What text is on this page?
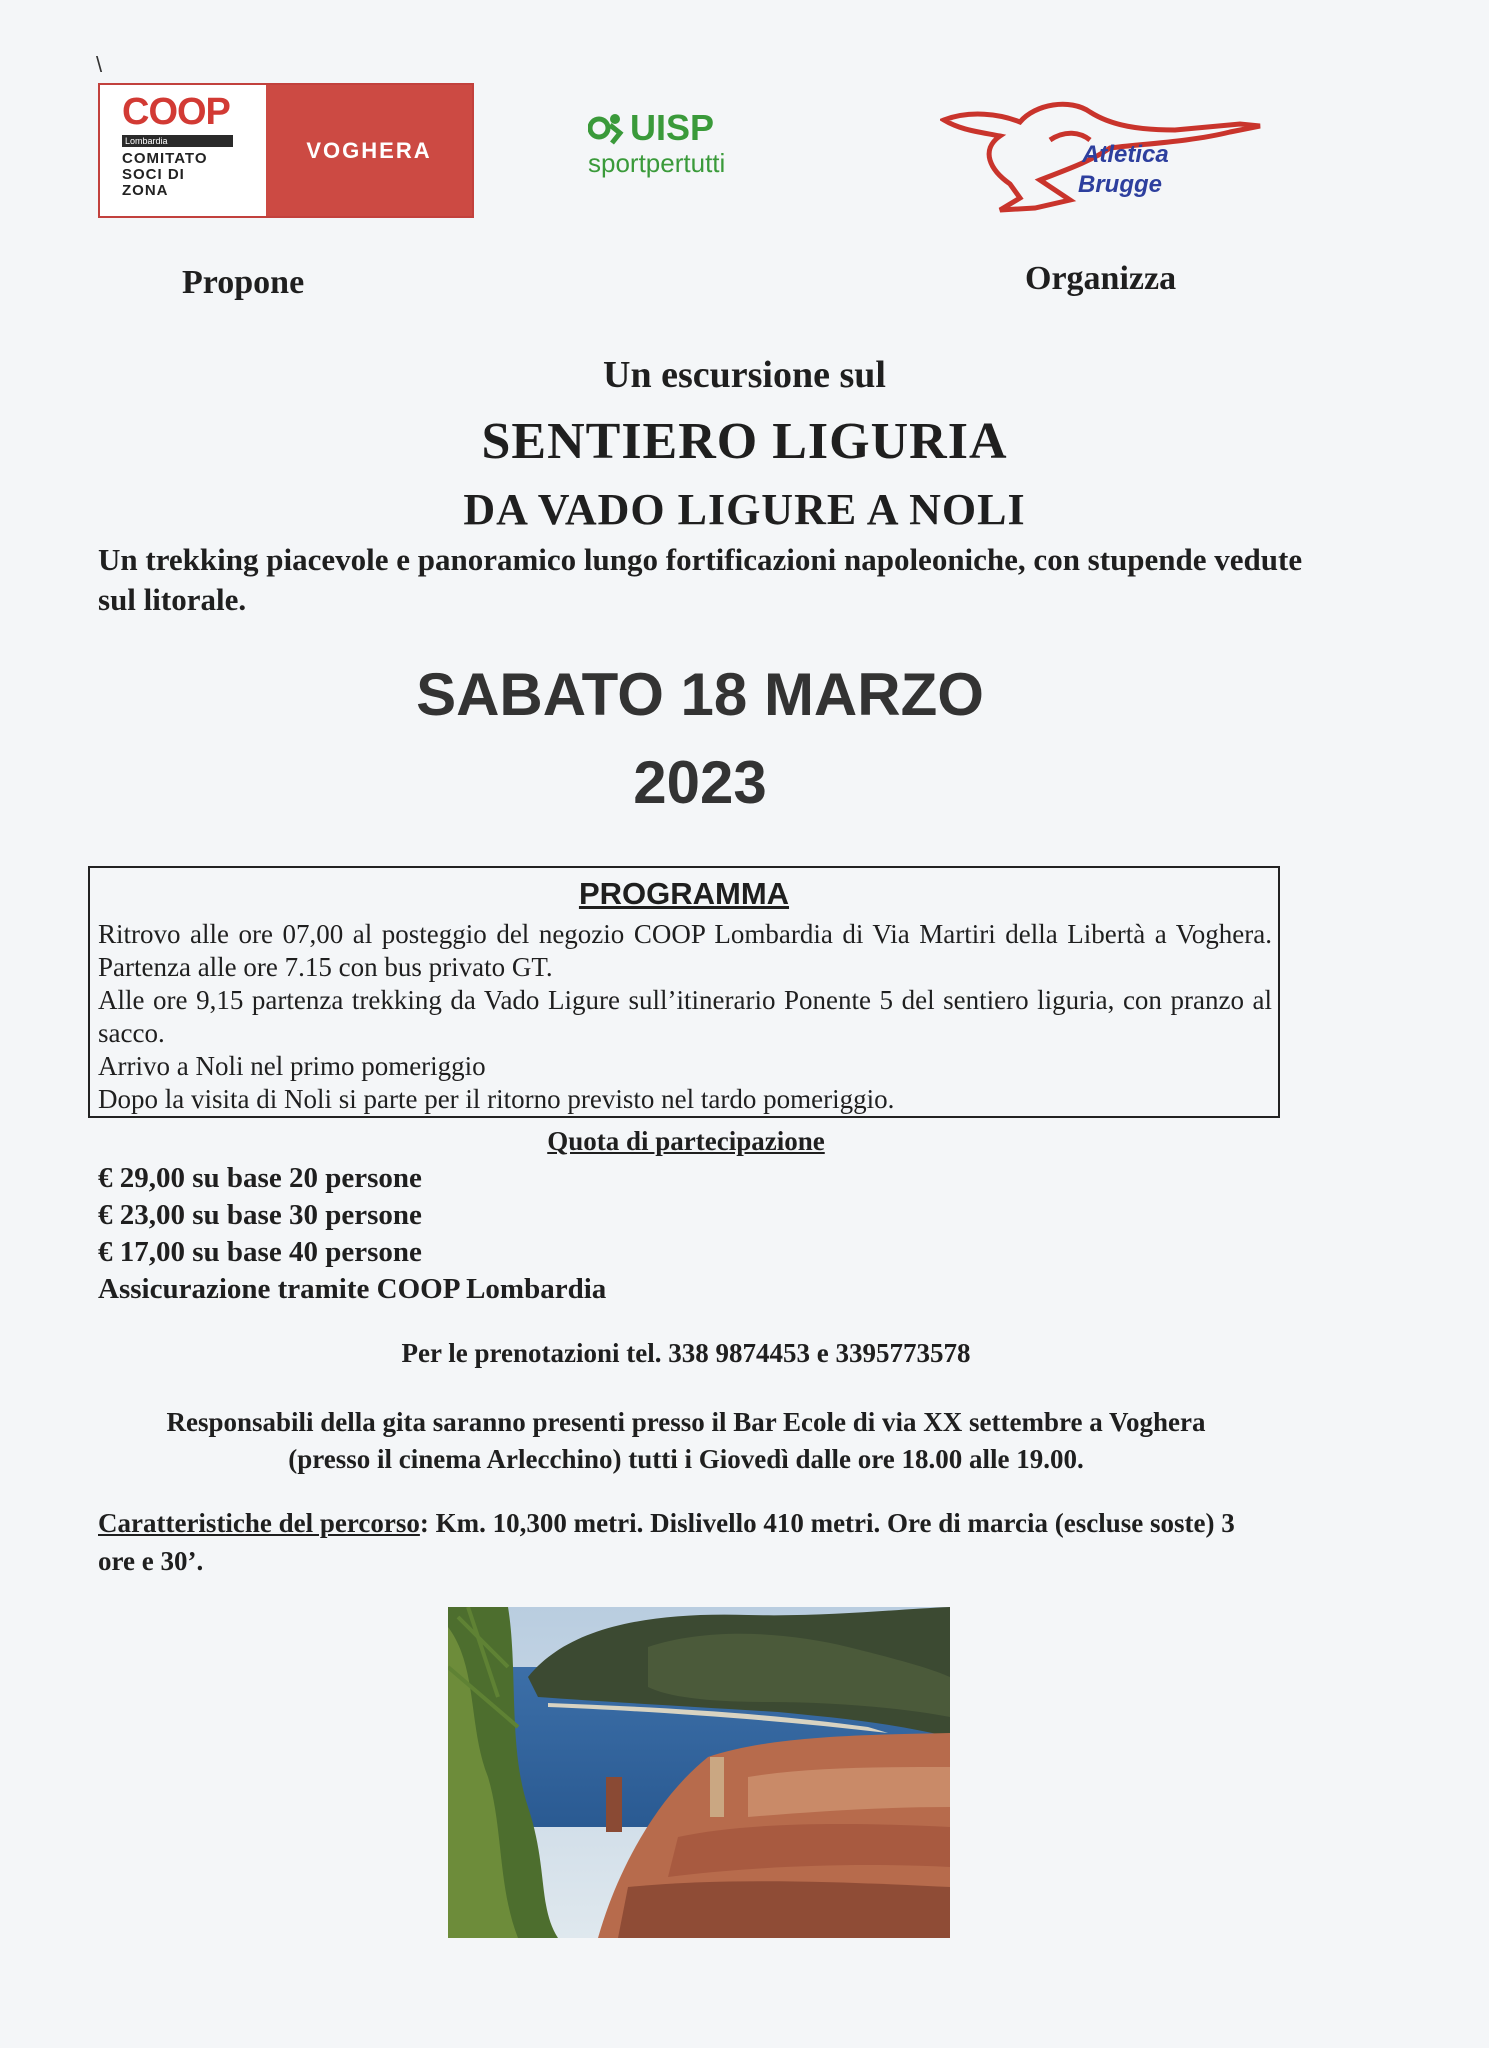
\
COOP
Lombardia
COMITATO
SOCI DI
ZONA
VOGHERA
UISP
sportpertutti	Atletica
Brugge
Propone	Organizza
Un escursione sul
SENTIERO LIGURIA
DA VADO LIGURE A NOLI
Un trekking piacevole e panoramico lungo fortificazioni napoleoniche, con stupende vedute sul litorale.
SABATO 18 MARZO
2023
PROGRAMMA

Ritrovo alle ore 07,00 al posteggio del negozio COOP Lombardia di Via Martiri della Libertà a Voghera. Partenza alle ore 7.15 con bus privato GT.

Alle ore 9,15 partenza trekking da Vado Ligure sull’itinerario Ponente 5 del sentiero liguria, con pranzo al sacco.

Arrivo a Noli nel primo pomeriggio

Dopo la visita di Noli si parte per il ritorno previsto nel tardo pomeriggio.

Quota di partecipazione
€ 29,00 su base 20 persone
€ 23,00 su base 30 persone
€ 17,00 su base 40 persone
Assicurazione tramite COOP Lombardia
Per le prenotazioni tel. 338 9874453 e 3395773578
Responsabili della gita saranno presenti presso il Bar Ecole di via XX settembre a Voghera
(presso il cinema Arlecchino) tutti i Giovedì dalle ore 18.00 alle 19.00.
Caratteristiche del percorso: Km. 10,300 metri. Dislivello 410 metri. Ore di marcia (escluse soste) 3 ore e 30’.
